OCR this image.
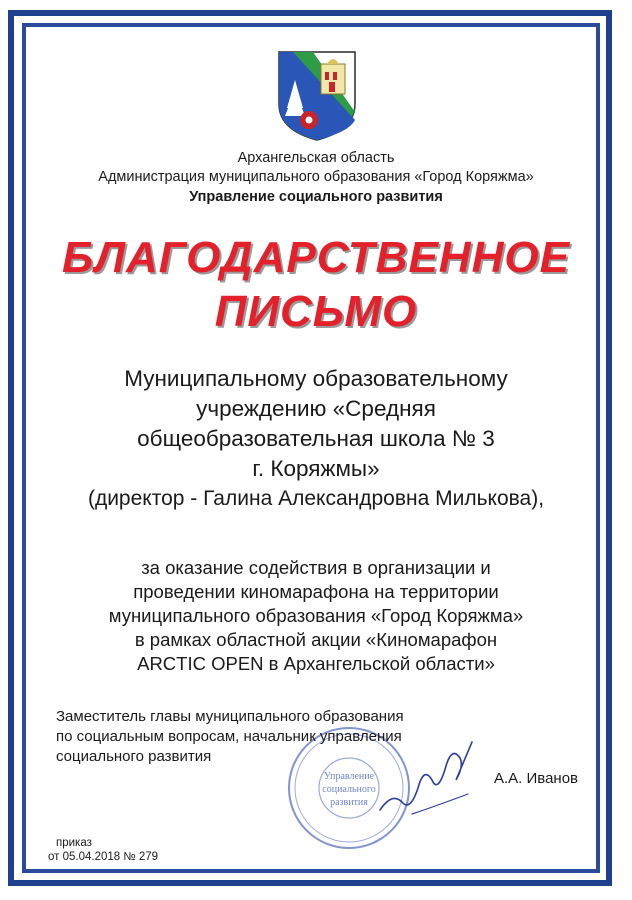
Архангельская область
Администрация муниципального образования «Город Коряжма»
Управление социального развития
БЛАГОДАРСТВЕННОЕ
ПИСЬМО
Муниципальному образовательному
учреждению «Средняя
общеобразовательная школа № 3
г. Коряжмы»
(директор - Галина Александровна Милькова),
за оказание содействия в организации и
проведении киномарафона на территории
муниципального образования «Город Коряжма»
в рамках областной акции «Киномарафон
ARCTIC OPEN в Архангельской области»
Управление
социального
развития
Заместитель главы муниципального образования
по социальным вопросам, начальник управления
социального развития
А.А. Иванов
приказ
от 05.04.2018 № 279
